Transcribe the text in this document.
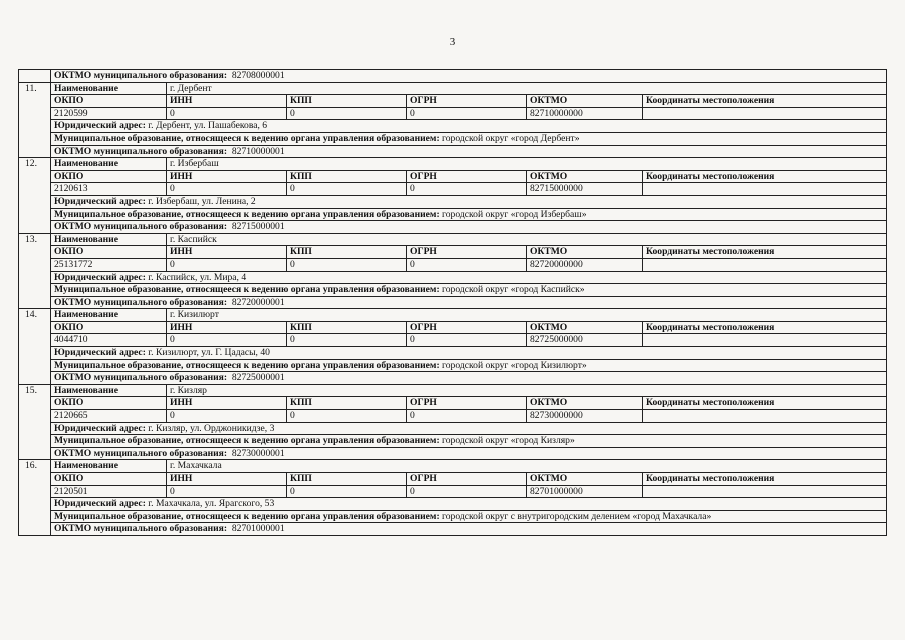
3
	ОКТМО муниципального образования: 82708000001					
11.	Наименование	г. Дербент				
	ОКПО	ИНН	КПП	ОГРН	ОКТМО	Координаты местоположения
	2120599	0	0	0	82710000000	
	Юридический адрес: г. Дербент, ул. Пашабекова, 6					
	Муниципальное образование, относящееся к ведению органа управления образованием: городской округ «город Дербент»					
	ОКТМО муниципального образования: 82710000001					
12.	Наименование	г. Избербаш				
	ОКПО	ИНН	КПП	ОГРН	ОКТМО	Координаты местоположения
	2120613	0	0	0	82715000000	
	Юридический адрес: г. Избербаш, ул. Ленина, 2					
	Муниципальное образование, относящееся к ведению органа управления образованием: городской округ «город Избербаш»					
	ОКТМО муниципального образования: 82715000001					
13.	Наименование	г. Каспийск				
	ОКПО	ИНН	КПП	ОГРН	ОКТМО	Координаты местоположения
	25131772	0	0	0	82720000000	
	Юридический адрес: г. Каспийск, ул. Мира, 4					
	Муниципальное образование, относящееся к ведению органа управления образованием: городской округ «город Каспийск»					
	ОКТМО муниципального образования: 82720000001					
14.	Наименование	г. Кизилюрт				
	ОКПО	ИНН	КПП	ОГРН	ОКТМО	Координаты местоположения
	4044710	0	0	0	82725000000	
	Юридический адрес: г. Кизилюрт, ул. Г. Цадасы, 40					
	Муниципальное образование, относящееся к ведению органа управления образованием: городской округ «город Кизилюрт»					
	ОКТМО муниципального образования: 82725000001					
15.	Наименование	г. Кизляр				
	ОКПО	ИНН	КПП	ОГРН	ОКТМО	Координаты местоположения
	2120665	0	0	0	82730000000	
	Юридический адрес: г. Кизляр, ул. Орджоникидзе, 3					
	Муниципальное образование, относящееся к ведению органа управления образованием: городской округ «город Кизляр»					
	ОКТМО муниципального образования: 82730000001					
16.	Наименование	г. Махачкала				
	ОКПО	ИНН	КПП	ОГРН	ОКТМО	Координаты местоположения
	2120501	0	0	0	82701000000	
	Юридический адрес: г. Махачкала, ул. Ярагского, 53					
	Муниципальное образование, относящееся к ведению органа управления образованием: городской округ с внутригородским делением «город Махачкала»					
	ОКТМО муниципального образования: 82701000001					
